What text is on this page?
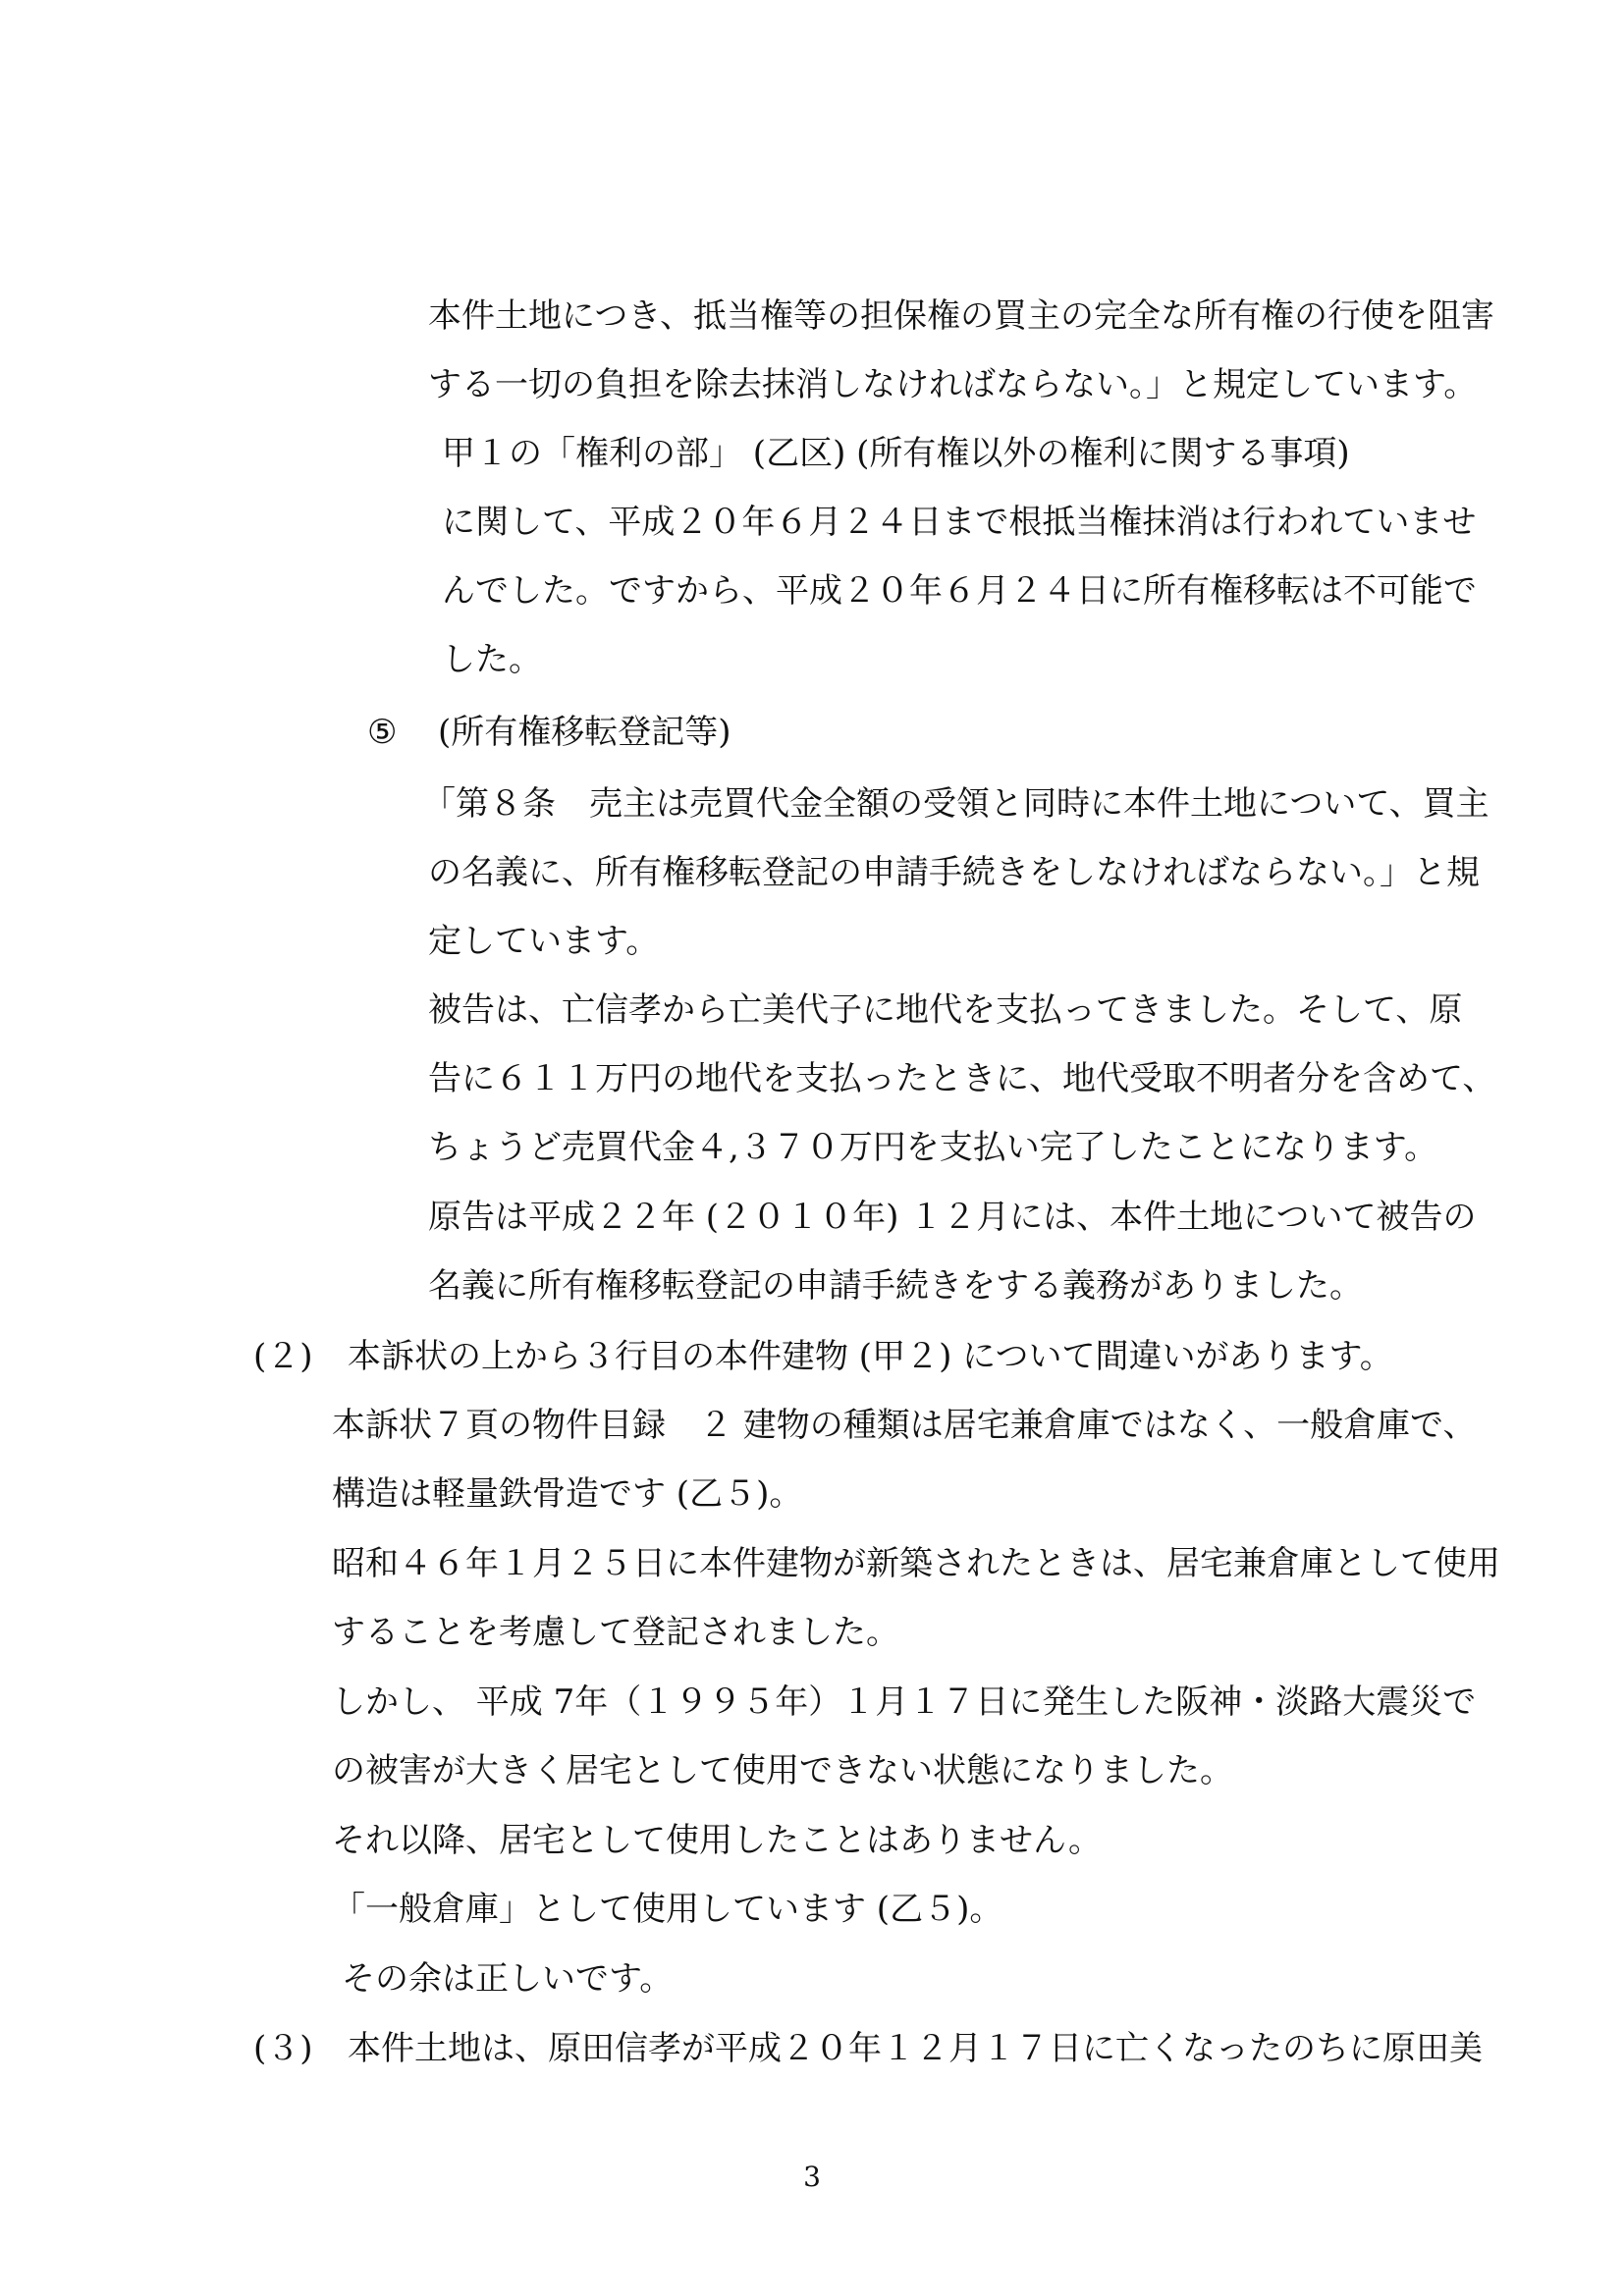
本件土地につき、抵当権等の担保権の買主の完全な所有権の行使を阻害
する一切の負担を除去抹消しなければならない。」と規定しています。
甲１の「権利の部」 (乙区) (所有権以外の権利に関する事項)
に関して、平成２０年６月２４日まで根抵当権抹消は行われていませ
んでした。ですから、平成２０年６月２４日に所有権移転は不可能で
した。
⑤ (所有権移転登記等)
「第８条　売主は売買代金全額の受領と同時に本件土地について、買主
の名義に、所有権移転登記の申請手続きをしなければならない。」と規
定しています。
被告は、亡信孝から亡美代子に地代を支払ってきました。そして、原
告に６１１万円の地代を支払ったときに、地代受取不明者分を含めて、
ちょうど売買代金４,３７０万円を支払い完了したことになります。
原告は平成２２年 (２０１０年) １２月には、本件土地について被告の
名義に所有権移転登記の申請手続きをする義務がありました。
(２) 本訴状の上から３行目の本件建物 (甲２) について間違いがあります。
本訴状７頁の物件目録　２ 建物の種類は居宅兼倉庫ではなく、一般倉庫で、
構造は軽量鉄骨造です (乙５)。
昭和４６年１月２５日に本件建物が新築されたときは、居宅兼倉庫として使用
することを考慮して登記されました。
しかし、 平成 7年（１９９５年）１月１７日に発生した阪神・淡路大震災で
の被害が大きく居宅として使用できない状態になりました。
それ以降、居宅として使用したことはありません。
「一般倉庫」として使用しています (乙５)。
その余は正しいです。
(３) 本件土地は、原田信孝が平成２０年１２月１７日に亡くなったのちに原田美
3
